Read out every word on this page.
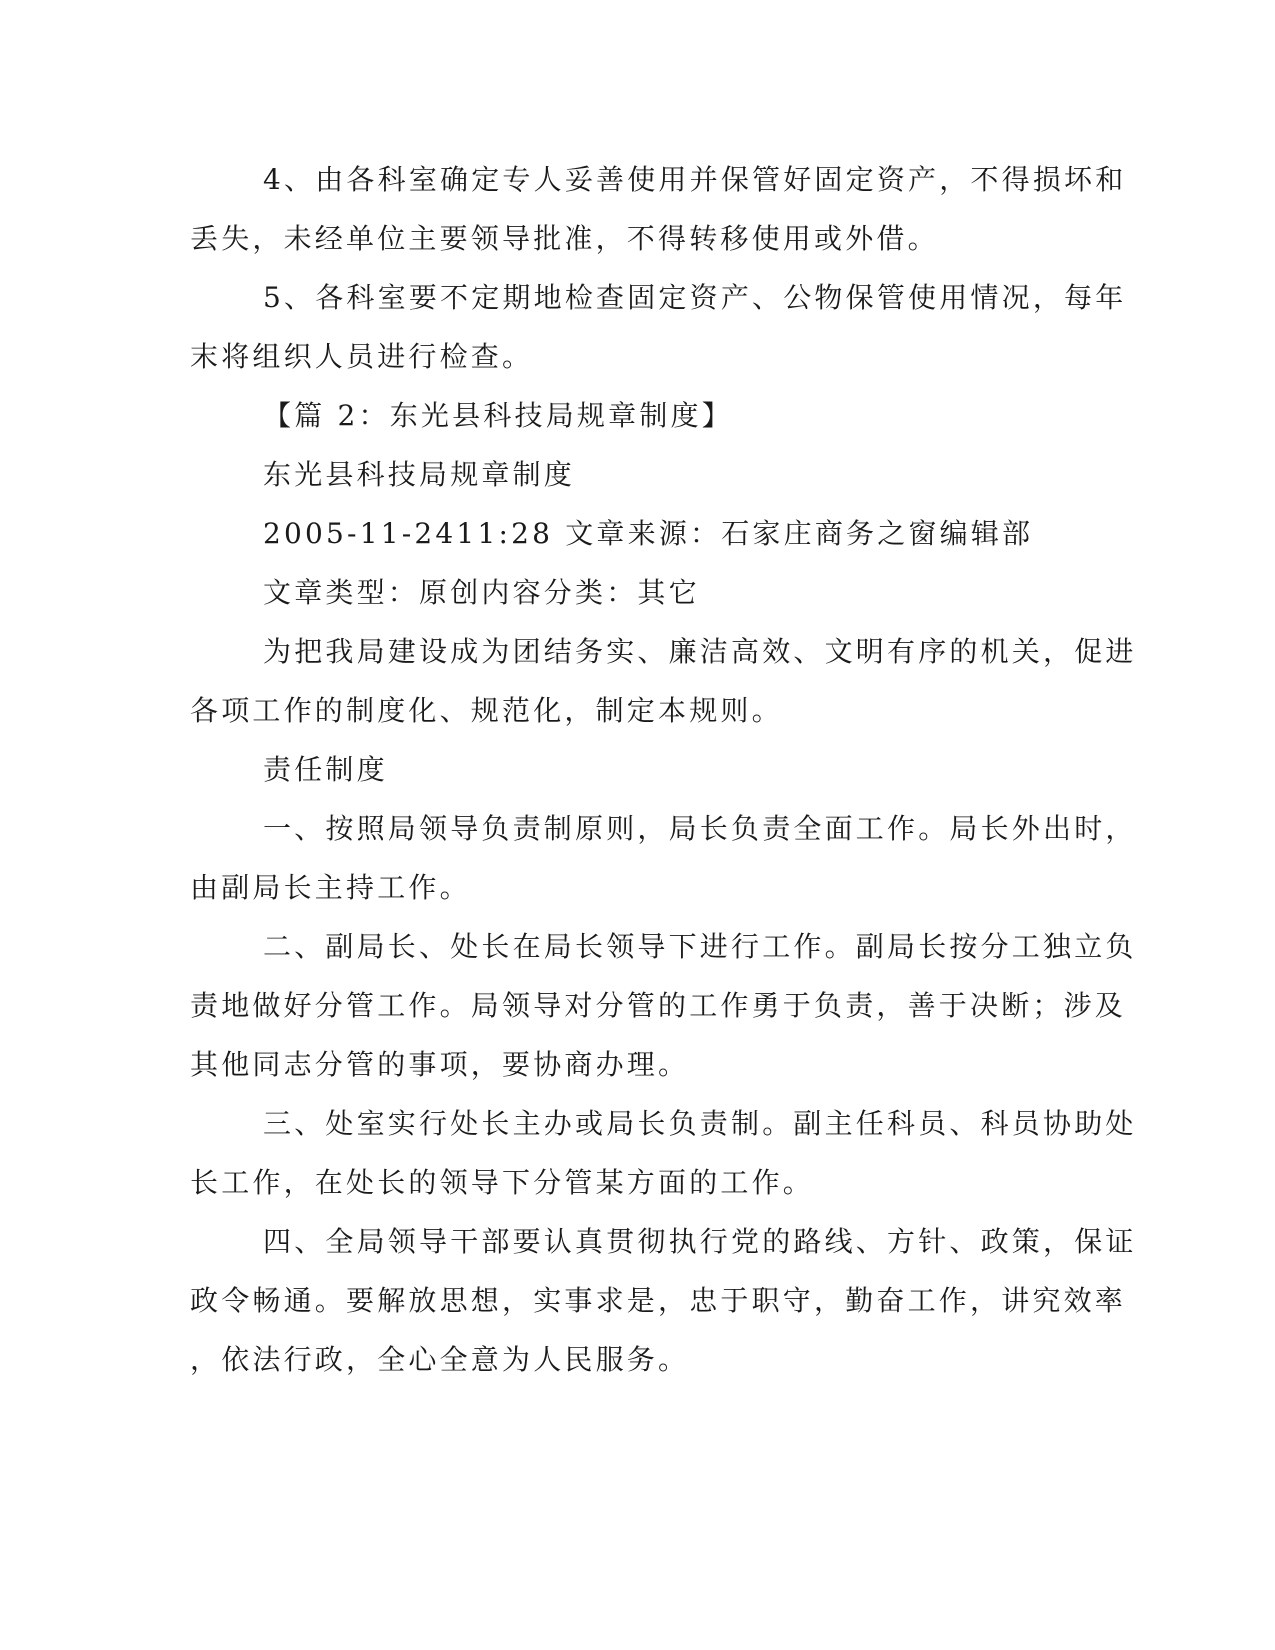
4、由各科室确定专人妥善使用并保管好固定资产，不得损坏和
丢失，未经单位主要领导批准，不得转移使用或外借。
5、各科室要不定期地检查固定资产、公物保管使用情况，每年
末将组织人员进行检查。
【篇 2：东光县科技局规章制度】
东光县科技局规章制度
2005-11-2411:28 文章来源：石家庄商务之窗编辑部
文章类型：原创内容分类：其它
为把我局建设成为团结务实、廉洁高效、文明有序的机关，促进
各项工作的制度化、规范化，制定本规则。
责任制度
一、按照局领导负责制原则，局长负责全面工作。局长外出时，
由副局长主持工作。
二、副局长、处长在局长领导下进行工作。副局长按分工独立负
责地做好分管工作。局领导对分管的工作勇于负责，善于决断；涉及
其他同志分管的事项，要协商办理。
三、处室实行处长主办或局长负责制。副主任科员、科员协助处
长工作，在处长的领导下分管某方面的工作。
四、全局领导干部要认真贯彻执行党的路线、方针、政策，保证
政令畅通。要解放思想，实事求是，忠于职守，勤奋工作，讲究效率
，依法行政，全心全意为人民服务。
